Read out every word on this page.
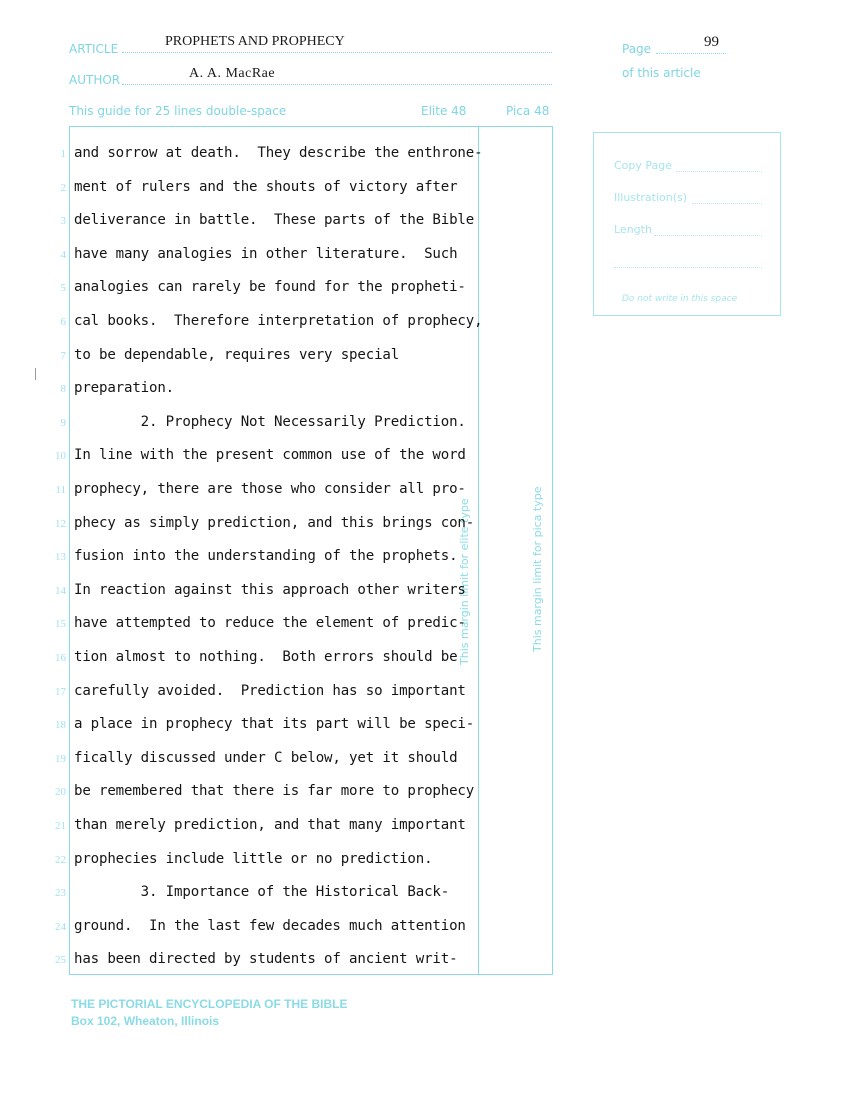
ARTICLE	PROPHETS AND PROPHECY
AUTHOR	A. A. MacRae
Page	99
of this article
This guide for 25 lines double-space	Elite 48	Pica 48
This margin limit for elite type	This margin limit for pica type
1 and sorrow at death.  They describe the enthrone-
2 ment of rulers and the shouts of victory after
3 deliverance in battle.  These parts of the Bible
4 have many analogies in other literature.  Such
5 analogies can rarely be found for the propheti-
6 cal books.  Therefore interpretation of prophecy,
7 to be dependable, requires very special
8 preparation.
9 2. Prophecy Not Necessarily Prediction.
10 In line with the present common use of the word
11 prophecy, there are those who consider all pro-
12 phecy as simply prediction, and this brings con-
13 fusion into the understanding of the prophets.
14 In reaction against this approach other writers
15 have attempted to reduce the element of predic-
16 tion almost to nothing.  Both errors should be
17 carefully avoided.  Prediction has so important
18 a place in prophecy that its part will be speci-
19 fically discussed under C below, yet it should
20 be remembered that there is far more to prophecy
21 than merely prediction, and that many important
22 prophecies include little or no prediction.
23 3. Importance of the Historical Back-
24 ground.  In the last few decades much attention
25 has been directed by students of ancient writ-
Copy Page
Illustration(s)
Length
Do not write in this space
THE PICTORIAL ENCYCLOPEDIA OF THE BIBLE
Box 102, Wheaton, Illinois
